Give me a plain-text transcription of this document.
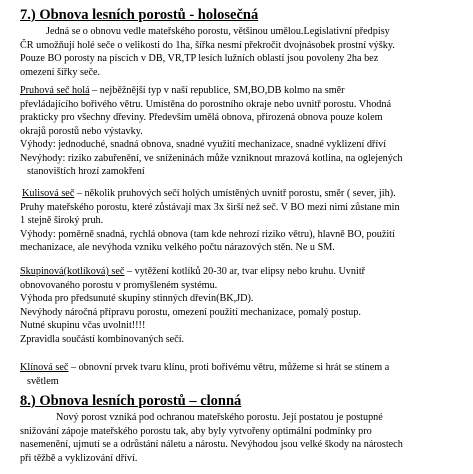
7.) Obnova lesních porostů - holosečná
Jedná se o obnovu vedle mateřského porostu, většinou umělou.Legislativní předpisy
ČR umožňují holé seče o velikosti do 1ha, šířka nesmí překročit dvojnásobek prostní výšky.
Pouze BO porosty na píscích v DB, VR,TP lesích lužních oblastí jsou povoleny 2ha bez
omezení šířky seče.
Pruhová seč holá – nejběžnější typ v naší republice, SM,BO,DB kolmo na směr
převládajícího bořivého větru. Umístěna do porostního okraje nebo uvnitř porostu. Vhodná
prakticky pro všechny dřeviny. Především umělá obnova, přirozená obnova pouze kolem
okrajů porostů nebo výstavky.
Výhody: jednoduché, snadná obnova, snadné využití mechanizace, snadné vyklizení dříví
Nevýhody: riziko zabuřenění, ve sníženinách může vzniknout mrazová kotlina, na oglejených
stanovištích hrozí zamokření
Kulisová seč – několik pruhových sečí holých umístěných uvnitř porostu, směr ( sever, jih).
Pruhy mateřského porostu, které zůstávají max 3x širší než seč. V BO mezi nimi zůstane min
1 stejně široký pruh.
Výhody: poměrně snadná, rychlá obnova (tam kde nehrozí riziko větru), hlavně BO, použití
mechanizace, ale nevýhoda vzniku velkého počtu nárazových stěn. Ne u SM.
Skupinová(kotlíková) seč – vytěžení kotlíků 20-30 ar, tvar elipsy nebo kruhu. Uvnitř
obnovovaného porostu v promyšleném systému.
Výhoda pro předsunuté skupiny stinných dřevin(BK,JD).
Nevýhody náročná přípravu porostu, omezení použití mechanizace, pomalý postup.
Nutné skupinu včas uvolnit!!!!
Zpravidla součástí kombinovaných sečí.
Klínová seč – obnovní prvek tvaru klínu, proti bořivému větru, můžeme si hrát se stínem a
světlem
8.) Obnova lesních porostů – clonná
Nový porost vzniká pod ochranou mateřského porostu. Její postatou je postupné
snižování zápoje mateřského porostu tak, aby byly vytvořeny optimální podmínky pro
nasemenění, ujmutí se a odrůstání náletu a nárostu. Nevýhodou jsou velké škody na nárostech
při těžbě a vyklizování dříví.
